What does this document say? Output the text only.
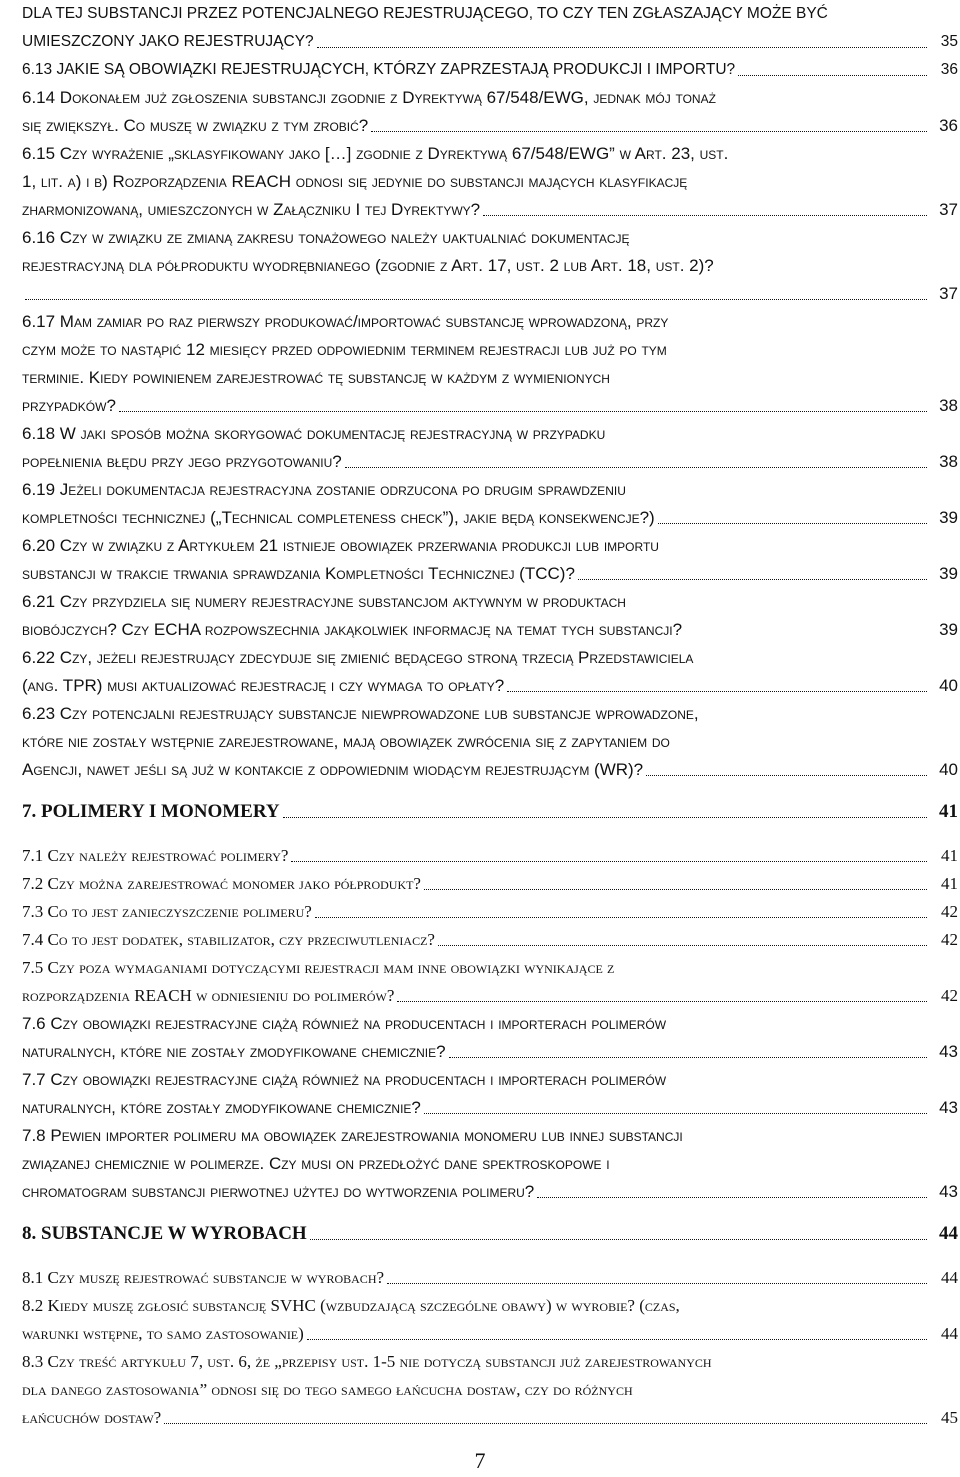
DLA TEJ SUBSTANCJI PRZEZ POTENCJALNEGO REJESTRUJĄCEGO, TO CZY TEN ZGŁASZAJĄCY MOŻE BYĆ
UMIESZCZONY JAKO REJESTRUJĄCY?	35
6.13 JAKIE SĄ OBOWIĄZKI REJESTRUJĄCYCH, KTÓRZY ZAPRZESTAJĄ PRODUKCJI I IMPORTU?	36
6.14 Dokonałem już zgłoszenia substancji zgodnie z Dyrektywą 67/548/EWG, jednak mój tonaż
się zwiększył. Co muszę w związku z tym zrobić?	36
6.15 Czy wyrażenie „sklasyfikowany jako […] zgodnie z Dyrektywą 67/548/EWG” w Art. 23, ust.
1, lit. a) i b) Rozporządzenia REACH odnosi się jedynie do substancji mających klasyfikację
zharmonizowaną, umieszczonych w Załączniku I tej Dyrektywy?	37
6.16 Czy w związku ze zmianą zakresu tonażowego należy uaktualniać dokumentację
rejestracyjną dla półproduktu wyodrębnianego (zgodnie z Art. 17, ust. 2 lub Art. 18, ust. 2)?
37
6.17 Mam zamiar po raz pierwszy produkować/importować substancję wprowadzoną, przy
czym może to nastąpić 12 miesięcy przed odpowiednim terminem rejestracji lub już po tym
terminie. Kiedy powinienem zarejestrować tę substancję w każdym z wymienionych
przypadków?	38
6.18 W jaki sposób można skorygować dokumentację rejestracyjną w przypadku
popełnienia błędu przy jego przygotowaniu?	38
6.19 Jeżeli dokumentacja rejestracyjna zostanie odrzucona po drugim sprawdzeniu
kompletności technicznej („Technical completeness check”), jakie będą konsekwencje?)	39
6.20 Czy w związku z Artykułem 21 istnieje obowiązek przerwania produkcji lub importu
substancji w trakcie trwania sprawdzania Kompletności Technicznej (TCC)?	39
6.21 Czy przydziela się numery rejestracyjne substancjom aktywnym w produktach
biobójczych? Czy ECHA rozpowszechnia jakąkolwiek informację na temat tych substancji?	39
6.22 Czy, jeżeli rejestrujący zdecyduje się zmienić będącego stroną trzecią Przedstawiciela
(ang. TPR) musi aktualizować rejestrację i czy wymaga to opłaty?	40
6.23 Czy potencjalni rejestrujący substancje niewprowadzone lub substancje wprowadzone,
które nie zostały wstępnie zarejestrowane, mają obowiązek zwrócenia się z zapytaniem do
Agencji, nawet jeśli są już w kontakcie z odpowiednim wiodącym rejestrującym (WR)?	40
7. POLIMERY I MONOMERY	41
7.1 Czy należy rejestrować polimery?	41
7.2 Czy można zarejestrować monomer jako półprodukt?	41
7.3 Co to jest zanieczyszczenie polimeru?	42
7.4 Co to jest dodatek, stabilizator, czy przeciwutleniacz?	42
7.5 Czy poza wymaganiami dotyczącymi rejestracji mam inne obowiązki wynikające z
rozporządzenia REACH w odniesieniu do polimerów?	42
7.6 Czy obowiązki rejestracyjne ciążą również na producentach i importerach polimerów
naturalnych, które nie zostały zmodyfikowane chemicznie?	43
7.7 Czy obowiązki rejestracyjne ciążą również na producentach i importerach polimerów
naturalnych, które zostały zmodyfikowane chemicznie?	43
7.8 Pewien importer polimeru ma obowiązek zarejestrowania monomeru lub innej substancji
związanej chemicznie w polimerze. Czy musi on przedłożyć dane spektroskopowe i
chromatogram substancji pierwotnej użytej do wytworzenia polimeru?	43
8. SUBSTANCJE W WYROBACH	44
8.1 Czy muszę rejestrować substancje w wyrobach?	44
8.2 Kiedy muszę zgłosić substancję SVHC (wzbudzającą szczególne obawy) w wyrobie? (czas,
warunki wstępne, to samo zastosowanie)	44
8.3 Czy treść artykułu 7, ust. 6, że „przepisy ust. 1-5 nie dotyczą substancji już zarejestrowanych
dla danego zastosowania” odnosi się do tego samego łańcucha dostaw, czy do różnych
łańcuchów dostaw?	45
7
